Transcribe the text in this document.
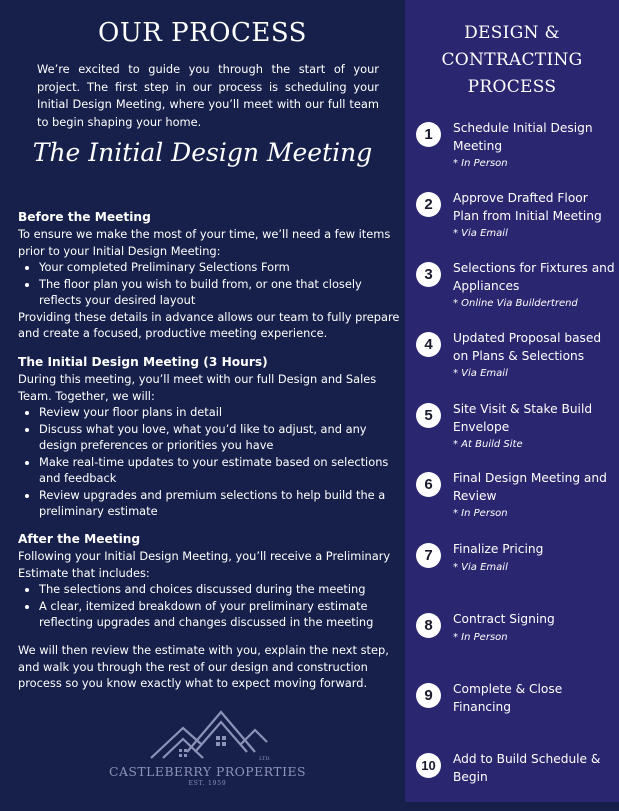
OUR PROCESS

We’re excited to guide you through the start of your project. The first step in our process is scheduling your Initial Design Meeting, where you’ll meet with our full team to begin shaping your home.

The Initial Design Meeting
Before the Meeting

To ensure we make the most of your time, we’ll need a few items prior to your Initial Design Meeting:

• Your completed Preliminary Selections Form
• The floor plan you wish to build from, or one that closely reflects your desired layout

Providing these details in advance allows our team to fully prepare and create a focused, productive meeting experience.

The Initial Design Meeting (3 Hours)

During this meeting, you’ll meet with our full Design and Sales Team. Together, we will:

• Review your floor plans in detail
• Discuss what you love, what you’d like to adjust, and any design preferences or priorities you have
• Make real-time updates to your estimate based on selections and feedback
• Review upgrades and premium selections to help build the a preliminary estimate
After the Meeting

Following your Initial Design Meeting, you’ll receive a Preliminary Estimate that includes:

• The selections and choices discussed during the meeting
• A clear, itemized breakdown of your preliminary estimate reflecting upgrades and changes discussed in the meeting

We will then review the estimate with you, explain the next step, and walk you through the rest of our design and construction process so you know exactly what to expect moving forward.

LTD.
CASTLEBERRY PROPERTIES
EST. 1959
DESIGN &
CONTRACTING
PROCESS
1	Schedule Initial Design Meeting
* In Person
2	Approve Drafted Floor Plan from Initial Meeting
* Via Email
3	Selections for Fixtures and Appliances
* Online Via Buildertrend
4	Updated Proposal based on Plans & Selections
* Via Email
5	Site Visit & Stake Build Envelope
* At Build Site
6	Final Design Meeting and Review
* In Person
7	Finalize Pricing
* Via Email
8	Contract Signing
* In Person
9	Complete & Close Financing
10	Add to Build Schedule & Begin
